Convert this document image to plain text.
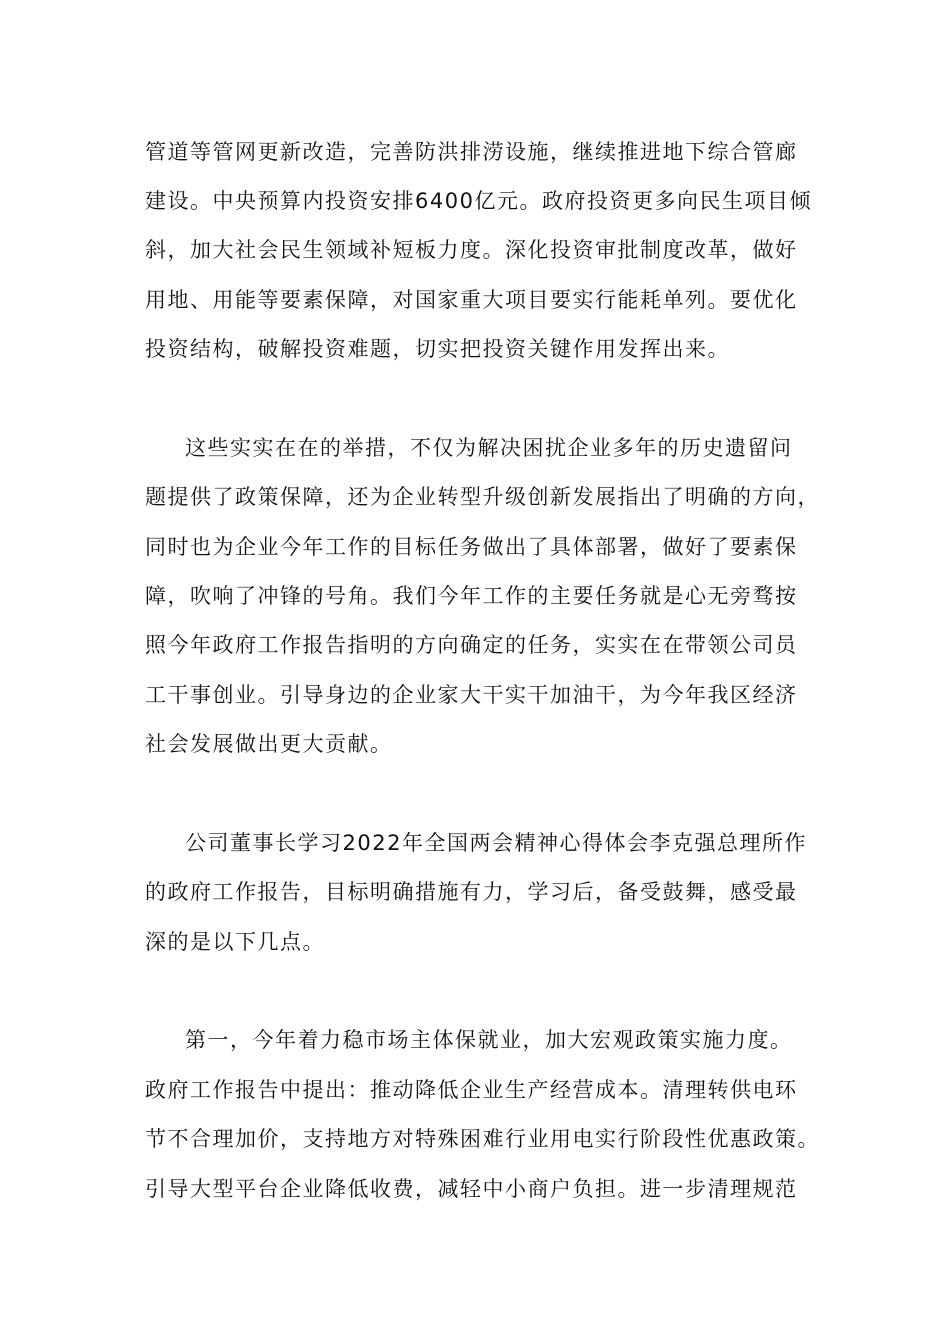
管道等管网更新改造，完善防洪排涝设施，继续推进地下综合管廊
建设。中央预算内投资安排6400亿元。政府投资更多向民生项目倾
斜，加大社会民生领域补短板力度。深化投资审批制度改革，做好
用地、用能等要素保障，对国家重大项目要实行能耗单列。要优化
投资结构，破解投资难题，切实把投资关键作用发挥出来。
这些实实在在的举措，不仅为解决困扰企业多年的历史遗留问
题提供了政策保障，还为企业转型升级创新发展指出了明确的方向，
同时也为企业今年工作的目标任务做出了具体部署，做好了要素保
障，吹响了冲锋的号角。我们今年工作的主要任务就是心无旁骛按
照今年政府工作报告指明的方向确定的任务，实实在在带领公司员
工干事创业。引导身边的企业家大干实干加油干，为今年我区经济
社会发展做出更大贡献。
公司董事长学习2022年全国两会精神心得体会李克强总理所作
的政府工作报告，目标明确措施有力，学习后，备受鼓舞，感受最
深的是以下几点。
第一，今年着力稳市场主体保就业，加大宏观政策实施力度。
政府工作报告中提出：推动降低企业生产经营成本。清理转供电环
节不合理加价，支持地方对特殊困难行业用电实行阶段性优惠政策。
引导大型平台企业降低收费，减轻中小商户负担。进一步清理规范
